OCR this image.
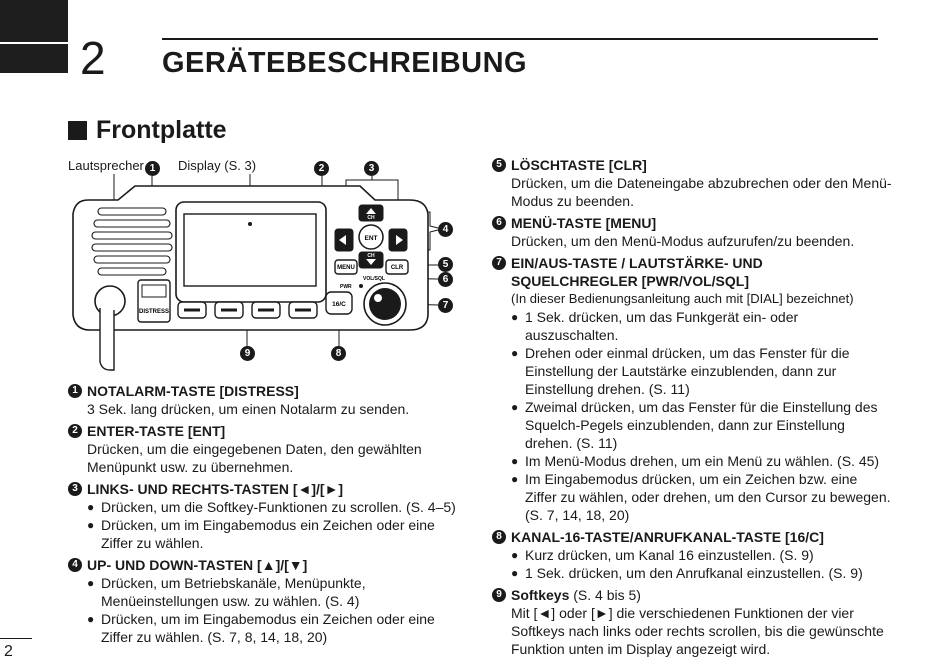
2 GERÄTEBESCHREIBUNG
Frontplatte
Lautsprecher 1	Display (S. 3)	2	3
4
5
6
7
8
9
DISTRESS
ENT
MENU	CLR
16/C
CH
CH
VOL/SQL
PWR
1 NOTALARM-TASTE [DISTRESS]
3 Sek. lang drücken, um einen Notalarm zu senden.
2 ENTER-TASTE [ENT]
Drücken, um die eingegebenen Daten, den gewählten Menüpunkt usw. zu übernehmen.
3 LINKS- UND RECHTS-TASTEN [◄]/[►]
● Drücken, um die Softkey-Funktionen zu scrollen. (S. 4–5)
● Drücken, um im Eingabemodus ein Zeichen oder eine Ziffer zu wählen.
4 UP- UND DOWN-TASTEN [▲]/[▼]
● Drücken, um Betriebskanäle, Menüpunkte, Menüeinstellungen usw. zu wählen. (S. 4)
● Drücken, um im Eingabemodus ein Zeichen oder eine Ziffer zu wählen. (S. 7, 8, 14, 18, 20)
5 LÖSCHTASTE [CLR]
Drücken, um die Dateneingabe abzubrechen oder den Menü-Modus zu beenden.
6 MENÜ-TASTE [MENU]
Drücken, um den Menü-Modus aufzurufen/zu beenden.
7 EIN/AUS-TASTE / LAUTSTÄRKE- UND SQUELCHREGLER [PWR/VOL/SQL]
(In dieser Bedienungsanleitung auch mit [DIAL] bezeichnet)
● 1 Sek. drücken, um das Funkgerät ein- oder auszuschalten.
● Drehen oder einmal drücken, um das Fenster für die Einstellung der Lautstärke einzublenden, dann zur Einstellung drehen. (S. 11)
● Zweimal drücken, um das Fenster für die Einstellung des Squelch-Pegels einzublenden, dann zur Einstellung drehen. (S. 11)
● Im Menü-Modus drehen, um ein Menü zu wählen. (S. 45)
● Im Eingabemodus drücken, um ein Zeichen bzw. eine Ziffer zu wählen, oder drehen, um den Cursor zu bewegen. (S. 7, 14, 18, 20)
8 KANAL-16-TASTE/ANRUFKANAL-TASTE [16/C]
● Kurz drücken, um Kanal 16 einzustellen. (S. 9)
● 1 Sek. drücken, um den Anrufkanal einzustellen. (S. 9)
9 Softkeys (S. 4 bis 5)
Mit [◄] oder [►] die verschiedenen Funktionen der vier Softkeys nach links oder rechts scrollen, bis die gewünschte Funktion unten im Display angezeigt wird.
2
